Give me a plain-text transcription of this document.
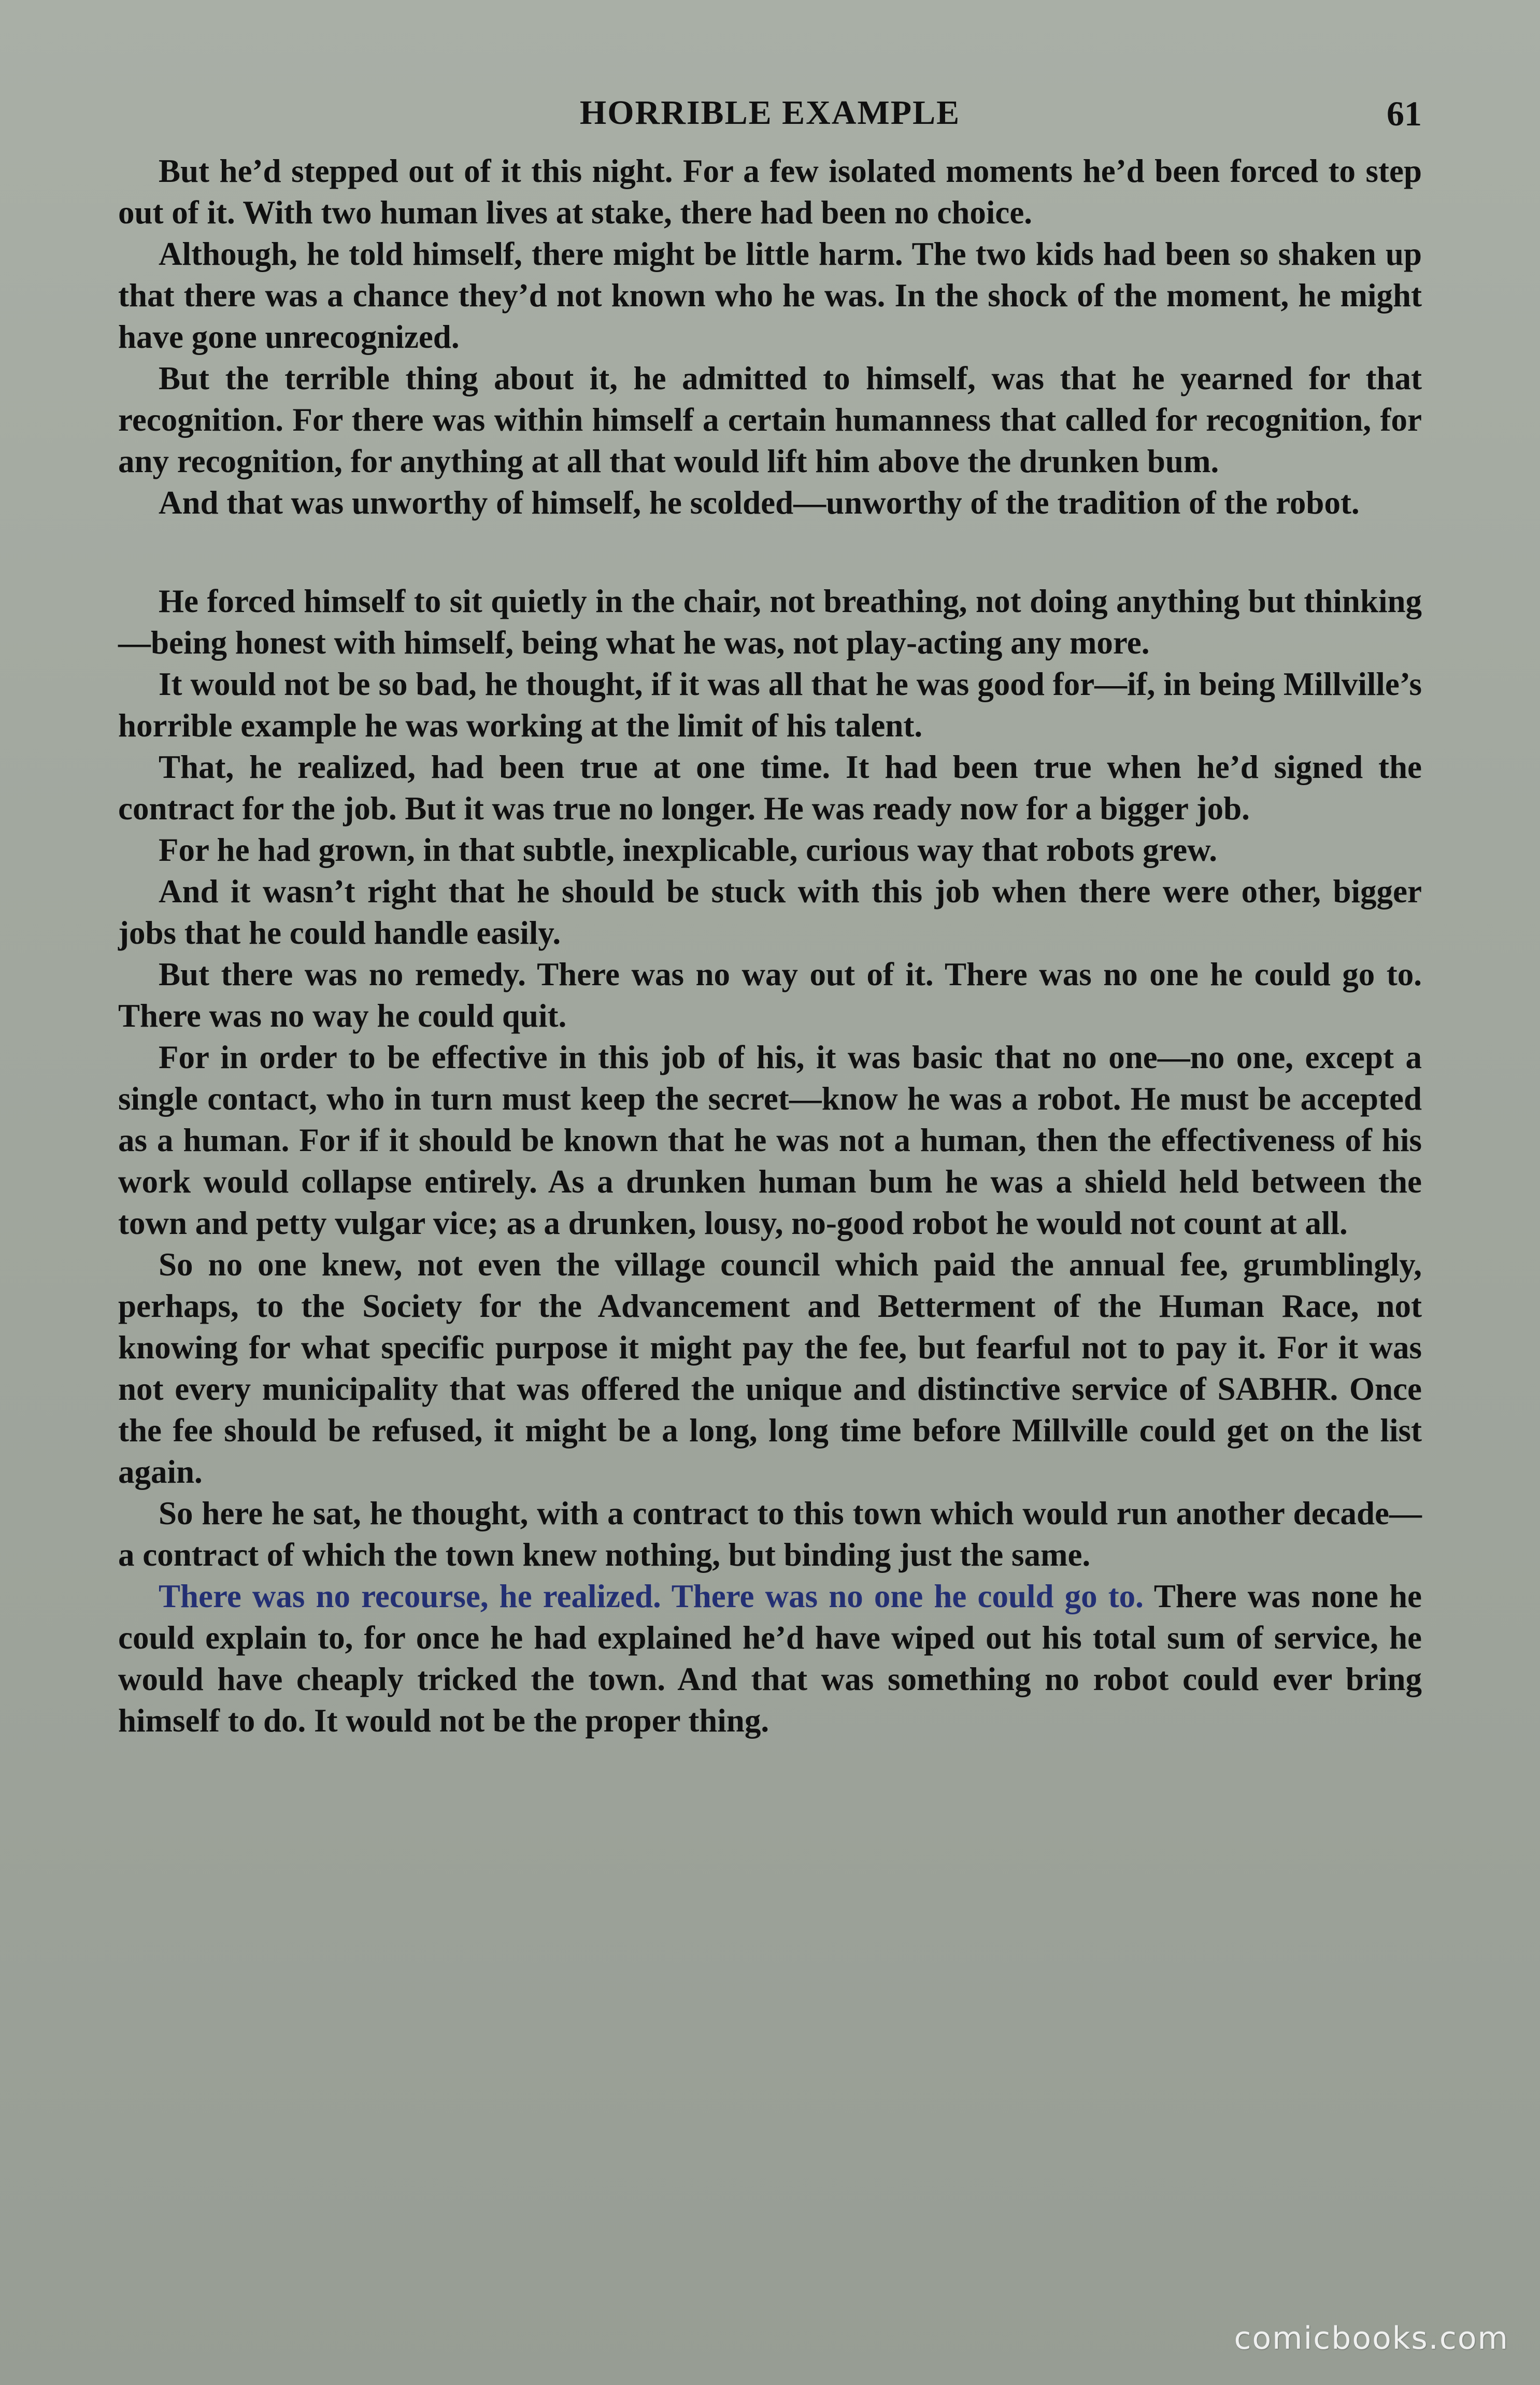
HORRIBLE EXAMPLE	61

But he’d stepped out of it this night. For a few isolated moments he’d been forced to step out of it. With two human lives at stake, there had been no choice.

Although, he told himself, there might be little harm. The two kids had been so shaken up that there was a chance they’d not known who he was. In the shock of the moment, he might have gone unrecognized.

But the terrible thing about it, he admitted to himself, was that he yearned for that recognition. For there was within himself a certain humanness that called for recognition, for any recognition, for anything at all that would lift him above the drunken bum.

And that was unworthy of himself, he scolded—unworthy of the tradition of the robot.

He forced himself to sit quietly in the chair, not breathing, not doing anything but thinking—being honest with himself, being what he was, not play-acting any more.

It would not be so bad, he thought, if it was all that he was good for—if, in being Millville’s horrible example he was working at the limit of his talent.

That, he realized, had been true at one time. It had been true when he’d signed the contract for the job. But it was true no longer. He was ready now for a bigger job.

For he had grown, in that subtle, inexplicable, curious way that robots grew.

And it wasn’t right that he should be stuck with this job when there were other, bigger jobs that he could handle easily.

But there was no remedy. There was no way out of it. There was no one he could go to. There was no way he could quit.

For in order to be effective in this job of his, it was basic that no one—no one, except a single contact, who in turn must keep the secret—know he was a robot. He must be accepted as a human. For if it should be known that he was not a human, then the effectiveness of his work would collapse entirely. As a drunken human bum he was a shield held between the town and petty vulgar vice; as a drunken, lousy, no-good robot he would not count at all.

So no one knew, not even the village council which paid the annual fee, grumblingly, perhaps, to the Society for the Advancement and Betterment of the Human Race, not knowing for what specific purpose it might pay the fee, but fearful not to pay it. For it was not every municipality that was offered the unique and distinctive service of SABHR. Once the fee should be refused, it might be a long, long time before Millville could get on the list again.

So here he sat, he thought, with a contract to this town which would run another decade—a contract of which the town knew nothing, but binding just the same.

There was no recourse, he realized. There was no one he could go to. There was none he could explain to, for once he had explained he’d have wiped out his total sum of service, he would have cheaply tricked the town. And that was something no robot could ever bring himself to do. It would not be the proper thing.

comicbooks.com
